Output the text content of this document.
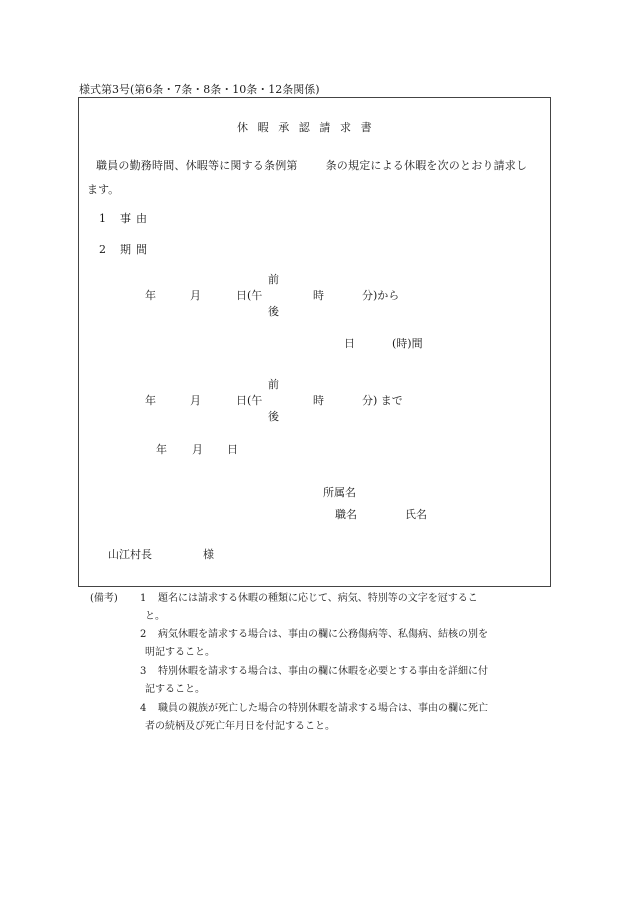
様式第3号(第6条・7条・8条・10条・12条関係)
休暇承認請求書
職員の勤務時間、休暇等に関する条例第	条の規定による休暇を次のとおり請求し
ます。
1 事由
2 期間
前
年	月	日(午	時	分)から
後
日	(時)間
前
年	月	日(午	時	分) まで
後
年 月 日
所属名
職名	氏名
山江村長	様
(備考) 1 題名には請求する休暇の種類に応じて、病気、特別等の文字を冠するこ
と。
2 病気休暇を請求する場合は、事由の欄に公務傷病等、私傷病、結核の別を
明記すること。
3 特別休暇を請求する場合は、事由の欄に休暇を必要とする事由を詳細に付
記すること。
4 職員の親族が死亡した場合の特別休暇を請求する場合は、事由の欄に死亡
者の続柄及び死亡年月日を付記すること。
